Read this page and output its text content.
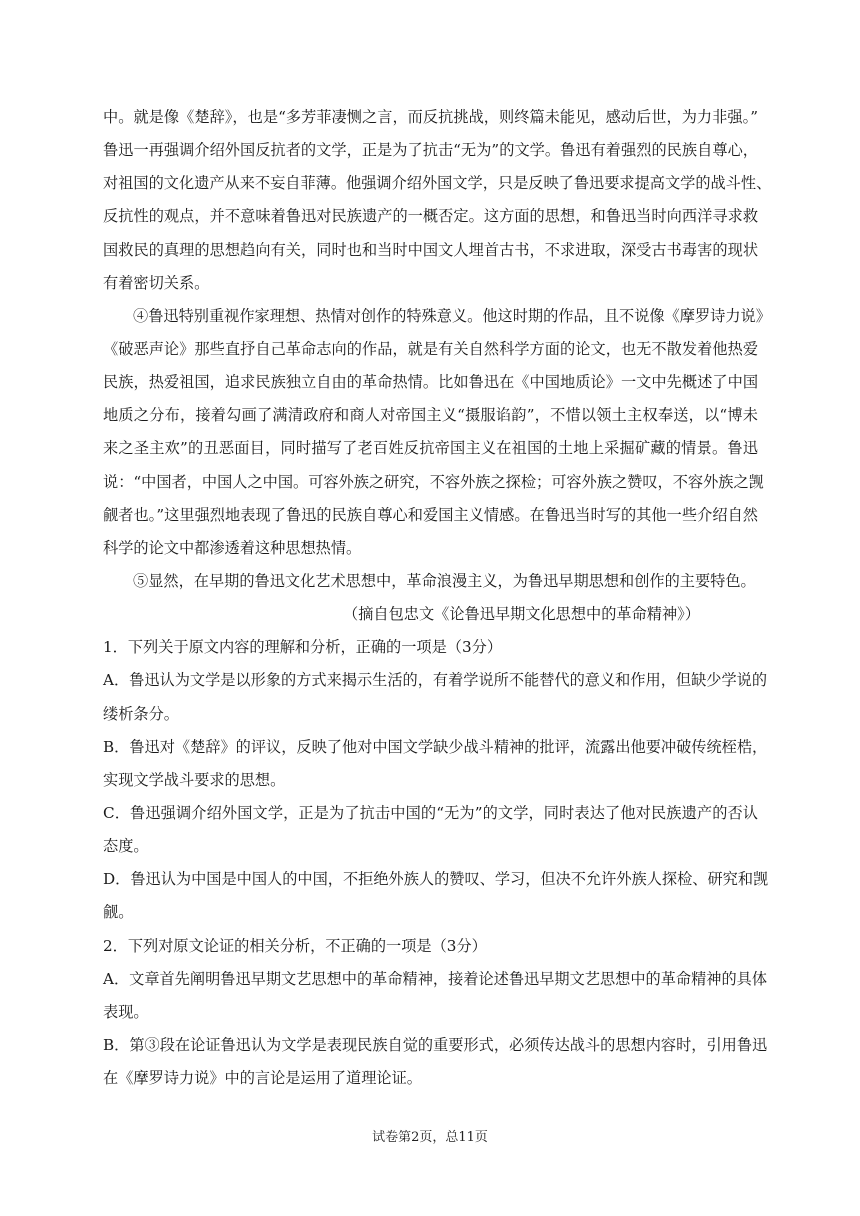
中。就是像《楚辞》，也是“多芳菲凄恻之言，而反抗挑战，则终篇未能见，感动后世，为力非强。”
鲁迅一再强调介绍外国反抗者的文学，正是为了抗击“无为”的文学。鲁迅有着强烈的民族自尊心，
对祖国的文化遗产从来不妄自菲薄。他强调介绍外国文学，只是反映了鲁迅要求提高文学的战斗性、
反抗性的观点，并不意味着鲁迅对民族遗产的一概否定。这方面的思想，和鲁迅当时向西洋寻求救
国救民的真理的思想趋向有关，同时也和当时中国文人埋首古书，不求进取，深受古书毒害的现状
有着密切关系。
④鲁迅特别重视作家理想、热情对创作的特殊意义。他这时期的作品，且不说像《摩罗诗力说》
《破恶声论》那些直抒自己革命志向的作品，就是有关自然科学方面的论文，也无不散发着他热爱
民族，热爱祖国，追求民族独立自由的革命热情。比如鲁迅在《中国地质论》一文中先概述了中国
地质之分布，接着勾画了满清政府和商人对帝国主义“摄服谄韵”，不惜以领土主权奉送，以“博未
来之圣主欢”的丑恶面目，同时描写了老百姓反抗帝国主义在祖国的土地上采掘矿藏的情景。鲁迅
说：“中国者，中国人之中国。可容外族之研究，不容外族之探检；可容外族之赞叹，不容外族之觊
觎者也。”这里强烈地表现了鲁迅的民族自尊心和爱国主义情感。在鲁迅当时写的其他一些介绍自然
科学的论文中都渗透着这种思想热情。
⑤显然，在早期的鲁迅文化艺术思想中，革命浪漫主义，为鲁迅早期思想和创作的主要特色。
（摘自包忠文《论鲁迅早期文化思想中的革命精神》）
1．下列关于原文内容的理解和分析，正确的一项是（3分）
A．鲁迅认为文学是以形象的方式来揭示生活的，有着学说所不能替代的意义和作用，但缺少学说的
缕析条分。
B．鲁迅对《楚辞》的评议，反映了他对中国文学缺少战斗精神的批评，流露出他要冲破传统桎梏，
实现文学战斗要求的思想。
C．鲁迅强调介绍外国文学，正是为了抗击中国的“无为”的文学，同时表达了他对民族遗产的否认
态度。
D．鲁迅认为中国是中国人的中国，不拒绝外族人的赞叹、学习，但决不允许外族人探检、研究和觊
觎。
2．下列对原文论证的相关分析，不正确的一项是（3分）
A．文章首先阐明鲁迅早期文艺思想中的革命精神，接着论述鲁迅早期文艺思想中的革命精神的具体
表现。
B．第③段在论证鲁迅认为文学是表现民族自觉的重要形式，必须传达战斗的思想内容时，引用鲁迅
在《摩罗诗力说》中的言论是运用了道理论证。
试卷第2页，总11页
